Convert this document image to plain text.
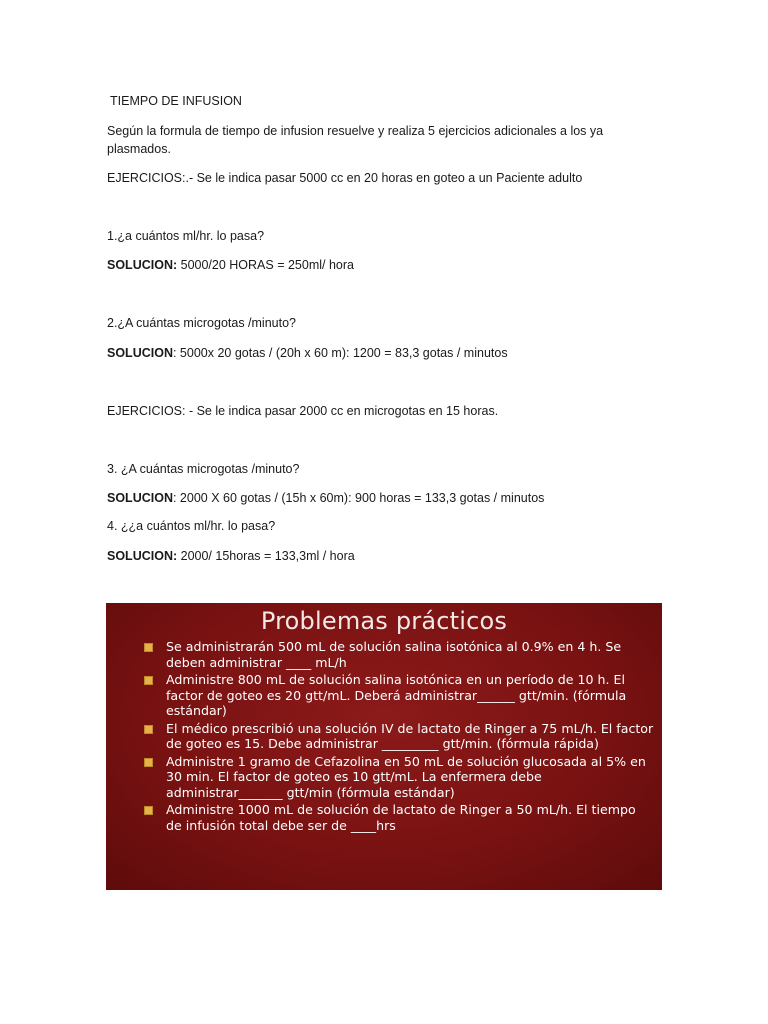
TIEMPO DE INFUSION

Según la formula de tiempo de infusion resuelve y realiza 5 ejercicios adicionales a los ya plasmados.

EJERCICIOS:.- Se le indica pasar 5000 cc en 20 horas en goteo a un Paciente adulto

1.¿a cuántos ml/hr. lo pasa?

SOLUCION: 5000/20 HORAS = 250ml/ hora

2.¿A cuántas microgotas /minuto?

SOLUCION: 5000x 20 gotas / (20h x 60 m): 1200 = 83,3 gotas / minutos

EJERCICIOS: - Se le indica pasar 2000 cc en microgotas en 15 horas.

3. ¿A cuántas microgotas /minuto?

SOLUCION: 2000 X 60 gotas / (15h x 60m): 900 horas = 133,3 gotas / minutos

4. ¿¿a cuántos ml/hr. lo pasa?

SOLUCION: 2000/ 15horas = 133,3ml / hora

Problemas prácticos
Se administrarán 500 mL de solución salina isotónica al 0.9% en 4 h. Se deben administrar ____ mL/h
Administre 800 mL de solución salina isotónica en un período de 10 h. El factor de goteo es 20 gtt/mL. Deberá administrar______ gtt/min. (fórmula estándar)
El médico prescribió una solución IV de lactato de Ringer a 75 mL/h. El factor de goteo es 15. Debe administrar _________ gtt/min. (fórmula rápida)
Administre 1 gramo de Cefazolina en 50 mL de solución glucosada al 5% en 30 min. El factor de goteo es 10 gtt/mL. La enfermera debe administrar_______ gtt/min (fórmula estándar)
Administre 1000 mL de solución de lactato de Ringer a 50 mL/h. El tiempo de infusión total debe ser de ____hrs
